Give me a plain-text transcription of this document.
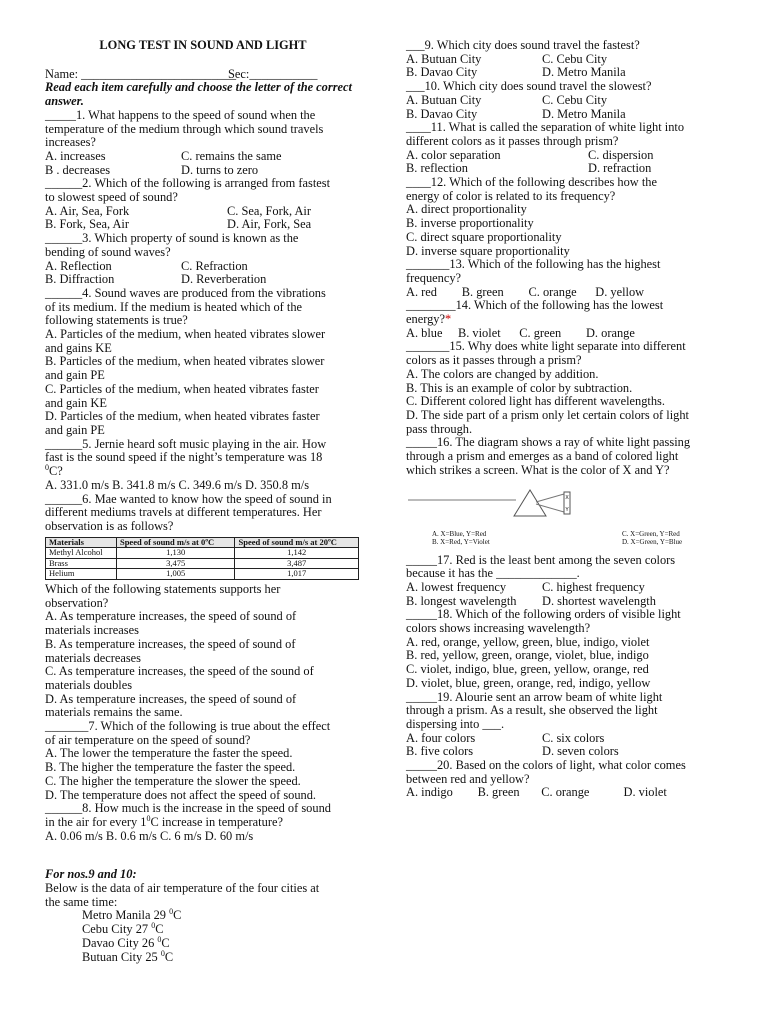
LONG TEST IN SOUND AND LIGHT
Name: _________________________
Sec:___________
Read each item carefully and choose the letter of the correct answer.
_____1. What happens to the speed of sound when the
temperature of the medium through which sound travels
increases?
A. increases	C. remains the same
B . decreases	D. turns to zero
______2. Which of the following is arranged from fastest
to slowest speed of sound?
A. Air, Sea, Fork	C. Sea, Fork, Air
B. Fork, Sea, Air	D. Air, Fork, Sea
______3. Which property of sound is known as the
bending of sound waves?
A. Reflection	C. Refraction
B. Diffraction	D. Reverberation
______4. Sound waves are produced from the vibrations
of its medium. If the medium is heated which of the
following statements is true?
A. Particles of the medium, when heated vibrates slower
and gains KE
B. Particles of the medium, when heated vibrates slower
and gain PE
C. Particles of the medium, when heated vibrates faster
and gain KE
D. Particles of the medium, when heated vibrates faster
and gain PE
______5. Jernie heard soft music playing in the air. How
fast is the sound speed if the night’s temperature was 18
$^0$C?
A. 331.0 m/s B. 341.8 m/s C. 349.6 m/s D. 350.8 m/s
______6. Mae wanted to know how the speed of sound in
different mediums travels at different temperatures. Her
observation is as follows?
Materials	Speed of sound m/s at 0ºC	Speed of sound m/s at 20ºC
Methyl Alcohol	1,130	1,142
Brass	3,475	3,487
Helium	1,005	1,017
Which of the following statements supports her
observation?
A. As temperature increases, the speed of sound of
materials increases
B. As temperature increases, the speed of sound of
materials decreases
C. As temperature increases, the speed of the sound of
materials doubles
D. As temperature increases, the speed of sound of
materials remains the same.
_______7. Which of the following is true about the effect
of air temperature on the speed of sound?
A. The lower the temperature the faster the speed.
B. The higher the temperature the faster the speed.
C. The higher the temperature the slower the speed.
D. The temperature does not affect the speed of sound.
______8. How much is the increase in the speed of sound
in the air for every $1^0C$ increase in temperature?
A. 0.06 m/s B. 0.6 m/s C. 6 m/s D. 60 m/s
For nos.9 and 10:
Below is the data of air temperature of the four cities at
the same time:
Metro Manila 29 $^0$C
Cebu City 27 $^0$C
Davao City 26 $^0$C
Butuan City 25 $^0$C
___9. Which city does sound travel the fastest?
A. Butuan City	C. Cebu City
B. Davao City	D. Metro Manila
___10. Which city does sound travel the slowest?
A. Butuan City	C. Cebu City
B. Davao City	D. Metro Manila
____11. What is called the separation of white light into
different colors as it passes through prism?
A. color separation	C. dispersion
B. reflection	D. refraction
____12. Which of the following describes how the
energy of color is related to its frequency?
A. direct proportionality
B. inverse proportionality
C. direct square proportionality
D. inverse square proportionality
_______13. Which of the following has the highest
frequency?
A. red        B. green        C. orange      D. yellow
________14. Which of the following has the lowest
energy?*
A. blue     B. violet      C. green        D. orange
_______15. Why does white light separate into different
colors as it passes through a prism?
A. The colors are changed by addition.
B. This is an example of color by subtraction.
C. Different colored light has different wavelengths.
D. The side part of a prism only let certain colors of light
pass through.
_____16. The diagram shows a ray of white light passing
through a prism and emerges as a band of colored light
which strikes a screen. What is the color of X and Y?
X
Y
A. X=Blue, Y=Red	C. X=Green, Y=Red
B. X=Red, Y=Violet	D. X=Green, Y=Blue
_____17. Red is the least bent among the seven colors
because it has the _____________.
A. lowest frequency	C. highest frequency
B. longest wavelength	D. shortest wavelength
_____18. Which of the following orders of visible light
colors shows increasing wavelength?
A. red, orange, yellow, green, blue, indigo, violet
B. red, yellow, green, orange, violet, blue, indigo
C. violet, indigo, blue, green, yellow, orange, red
D. violet, blue, green, orange, red, indigo, yellow
_____19. Alourie sent an arrow beam of white light
through a prism. As a result, she observed the light
dispersing into ___.
A. four colors	C. six colors
B. five colors	D. seven colors
_____20. Based on the colors of light, what color comes
between red and yellow?
A. indigo        B. green       C. orange           D. violet
